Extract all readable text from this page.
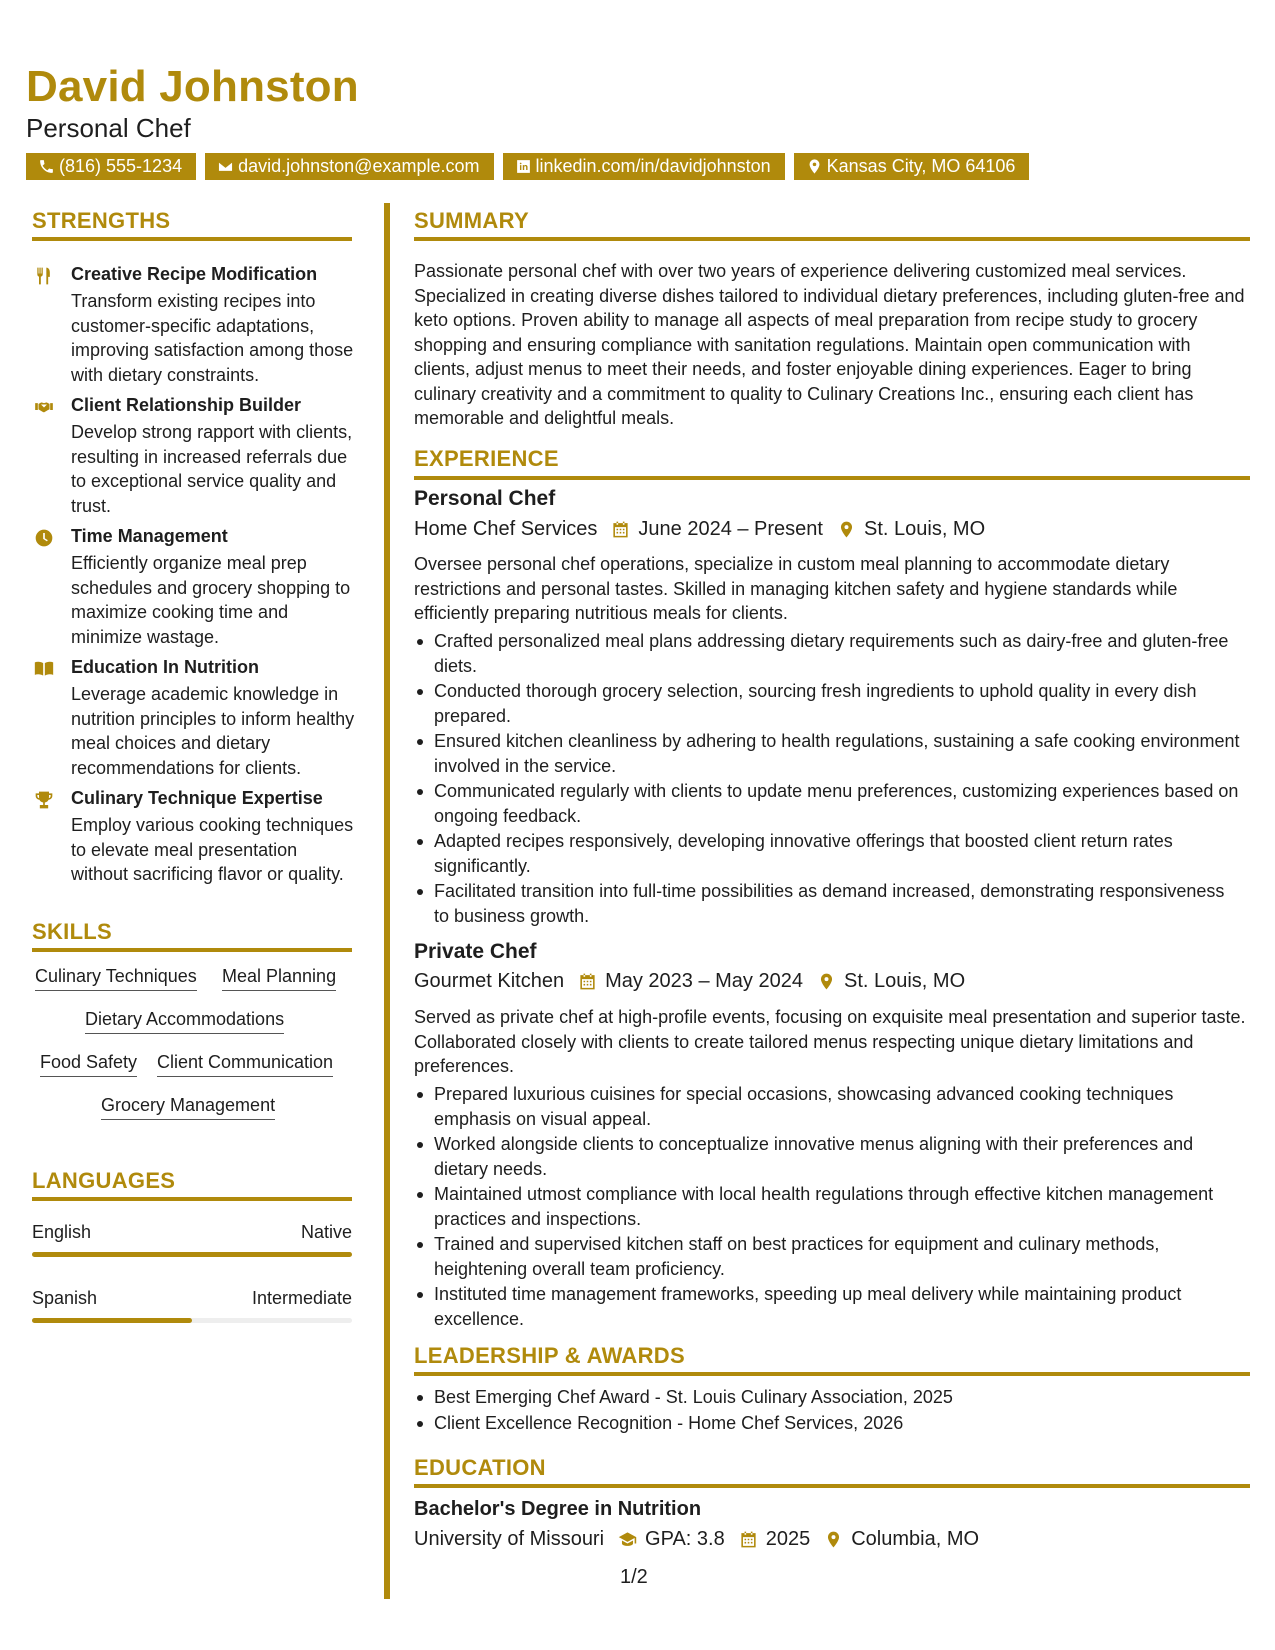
David Johnston
Personal Chef
(816) 555-1234	david.johnston@example.com	linkedin.com/in/davidjohnston	Kansas City, MO 64106
STRENGTHS
Creative Recipe Modification
Transform existing recipes into customer-specific adaptations, improving satisfaction among those with dietary constraints.
Client Relationship Builder
Develop strong rapport with clients, resulting in increased referrals due to exceptional service quality and trust.
Time Management
Efficiently organize meal prep schedules and grocery shopping to maximize cooking time and minimize wastage.
Education In Nutrition
Leverage academic knowledge in nutrition principles to inform healthy meal choices and dietary recommendations for clients.
Culinary Technique Expertise
Employ various cooking techniques to elevate meal presentation without sacrificing flavor or quality.
SKILLS
Culinary Techniques Meal Planning
Dietary Accommodations
Food Safety Client Communication
Grocery Management
LANGUAGES
English	Native
Spanish	Intermediate
SUMMARY
Passionate personal chef with over two years of experience delivering customized meal services. Specialized in creating diverse dishes tailored to individual dietary preferences, including gluten-free and keto options. Proven ability to manage all aspects of meal preparation from recipe study to grocery shopping and ensuring compliance with sanitation regulations. Maintain open communication with clients, adjust menus to meet their needs, and foster enjoyable dining experiences. Eager to bring culinary creativity and a commitment to quality to Culinary Creations Inc., ensuring each client has memorable and delightful meals.
EXPERIENCE
Personal Chef
Home Chef Services June 2024 – Present St. Louis, MO
Oversee personal chef operations, specialize in custom meal planning to accommodate dietary restrictions and personal tastes. Skilled in managing kitchen safety and hygiene standards while efficiently preparing nutritious meals for clients.
Crafted personalized meal plans addressing dietary requirements such as dairy-free and gluten-free diets.
Conducted thorough grocery selection, sourcing fresh ingredients to uphold quality in every dish prepared.
Ensured kitchen cleanliness by adhering to health regulations, sustaining a safe cooking environment involved in the service.
Communicated regularly with clients to update menu preferences, customizing experiences based on ongoing feedback.
Adapted recipes responsively, developing innovative offerings that boosted client return rates significantly.
Facilitated transition into full-time possibilities as demand increased, demonstrating responsiveness to business growth.
Private Chef
Gourmet Kitchen May 2023 – May 2024 St. Louis, MO
Served as private chef at high-profile events, focusing on exquisite meal presentation and superior taste. Collaborated closely with clients to create tailored menus respecting unique dietary limitations and preferences.
Prepared luxurious cuisines for special occasions, showcasing advanced cooking techniques emphasis on visual appeal.
Worked alongside clients to conceptualize innovative menus aligning with their preferences and dietary needs.
Maintained utmost compliance with local health regulations through effective kitchen management practices and inspections.
Trained and supervised kitchen staff on best practices for equipment and culinary methods, heightening overall team proficiency.
Instituted time management frameworks, speeding up meal delivery while maintaining product excellence.
LEADERSHIP & AWARDS
Best Emerging Chef Award - St. Louis Culinary Association, 2025
Client Excellence Recognition - Home Chef Services, 2026
EDUCATION
Bachelor's Degree in Nutrition
University of Missouri GPA: 3.8 2025 Columbia, MO
1/2
